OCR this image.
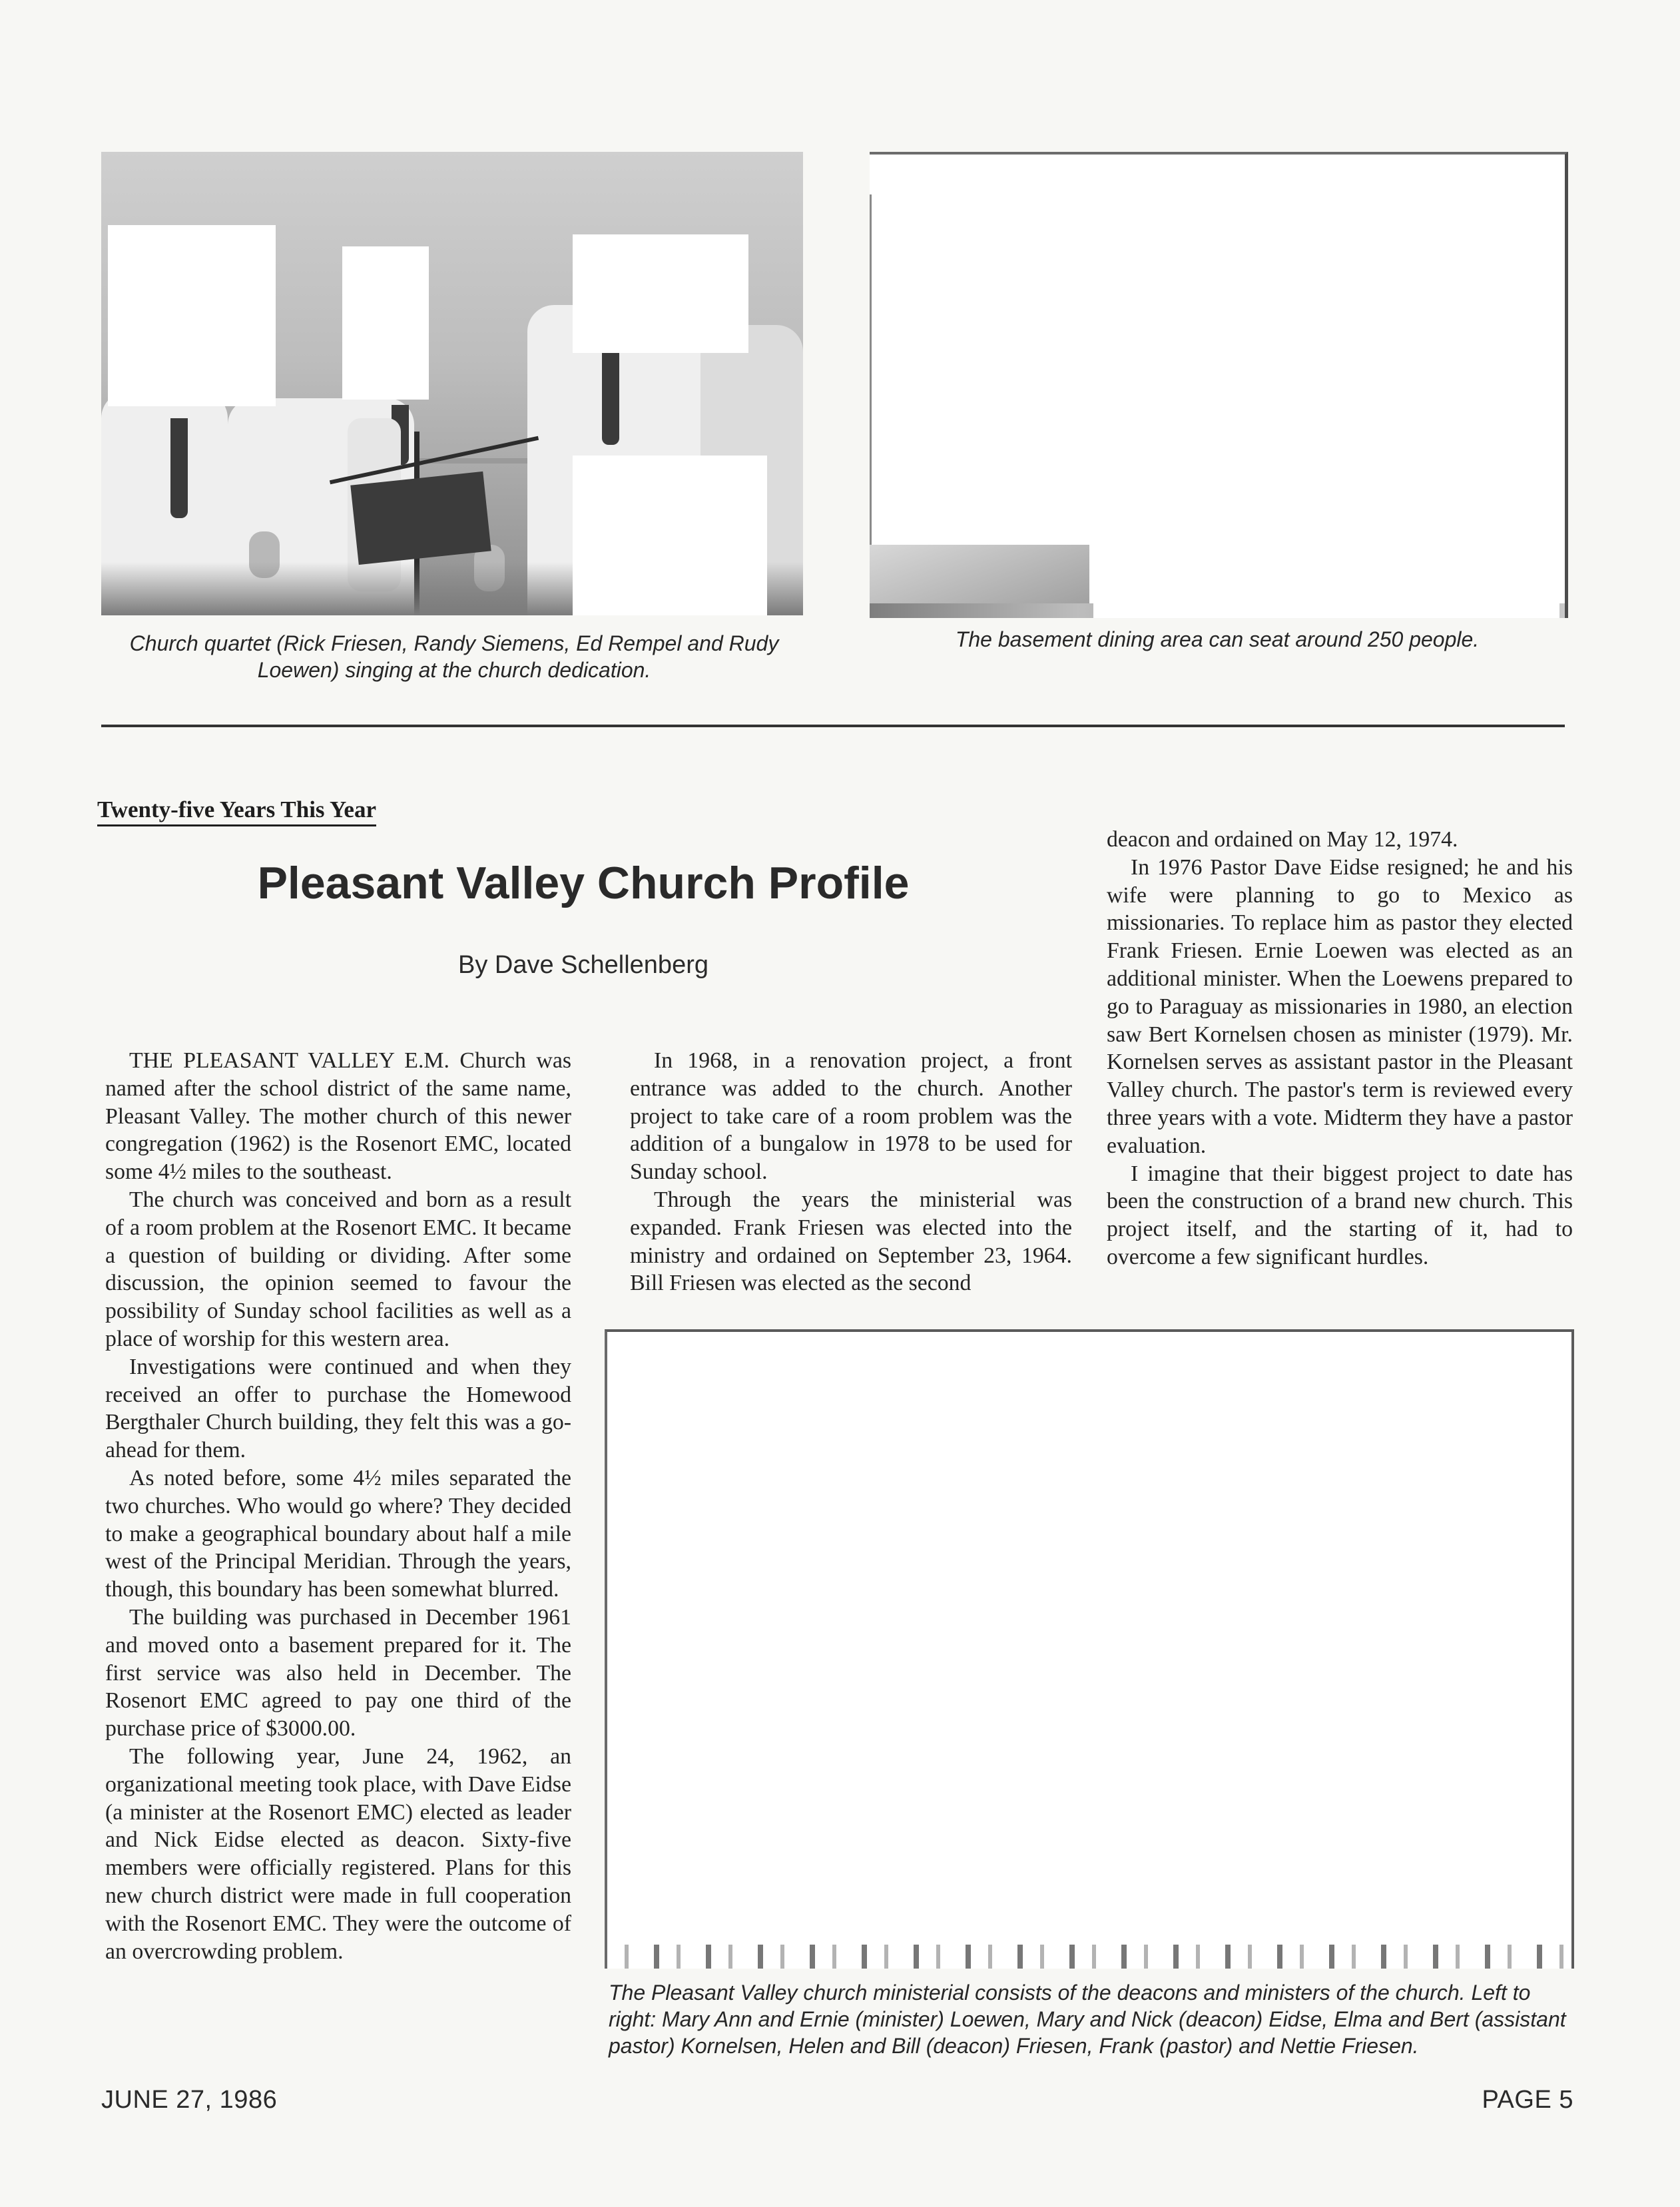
Church quartet (Rick Friesen, Randy Siemens, Ed Rempel and Rudy Loewen) singing at the church dedication.
The basement dining area can seat around 250 people.
Twenty-five Years This Year
Pleasant Valley Church Profile
By Dave Schellenberg

THE PLEASANT VALLEY E.M. Church was named after the school district of the same name, Pleasant Valley. The mother church of this newer congregation (1962) is the Rosenort EMC, located some 4½ miles to the southeast.

The church was conceived and born as a result of a room problem at the Rosenort EMC. It became a question of building or dividing. After some discussion, the opinion seemed to favour the possibility of Sunday school facilities as well as a place of worship for this western area.

Investigations were continued and when they received an offer to purchase the Homewood Bergthaler Church building, they felt this was a go-ahead for them.

As noted before, some 4½ miles separated the two churches. Who would go where? They decided to make a geographical boundary about half a mile west of the Principal Meridian. Through the years, though, this boundary has been somewhat blurred.

The building was purchased in December 1961 and moved onto a basement prepared for it. The first service was also held in December. The Rosenort EMC agreed to pay one third of the purchase price of $3000.00.

The following year, June 24, 1962, an organizational meeting took place, with Dave Eidse (a minister at the Rosenort EMC) elected as leader and Nick Eidse elected as deacon. Sixty-five members were officially registered. Plans for this new church district were made in full cooperation with the Rosenort EMC. They were the outcome of an overcrowding problem.

In 1968, in a renovation project, a front entrance was added to the church. Another project to take care of a room problem was the addition of a bungalow in 1978 to be used for Sunday school.

Through the years the ministerial was expanded. Frank Friesen was elected into the ministry and ordained on September 23, 1964. Bill Friesen was elected as the second

deacon and ordained on May 12, 1974.

In 1976 Pastor Dave Eidse resigned; he and his wife were planning to go to Mexico as missionaries. To replace him as pastor they elected Frank Friesen. Ernie Loewen was elected as an additional minister. When the Loewens prepared to go to Paraguay as missionaries in 1980, an election saw Bert Kornelsen chosen as minister (1979). Mr. Kornelsen serves as assistant pastor in the Pleasant Valley church. The pastor's term is reviewed every three years with a vote. Midterm they have a pastor evaluation.

I imagine that their biggest project to date has been the construction of a brand new church. This project itself, and the starting of it, had to overcome a few significant hurdles.

The Pleasant Valley church ministerial consists of the deacons and ministers of the church. Left to right: Mary Ann and Ernie (minister) Loewen, Mary and Nick (deacon) Eidse, Elma and Bert (assistant pastor) Kornelsen, Helen and Bill (deacon) Friesen, Frank (pastor) and Nettie Friesen.
JUNE 27, 1986	PAGE 5
